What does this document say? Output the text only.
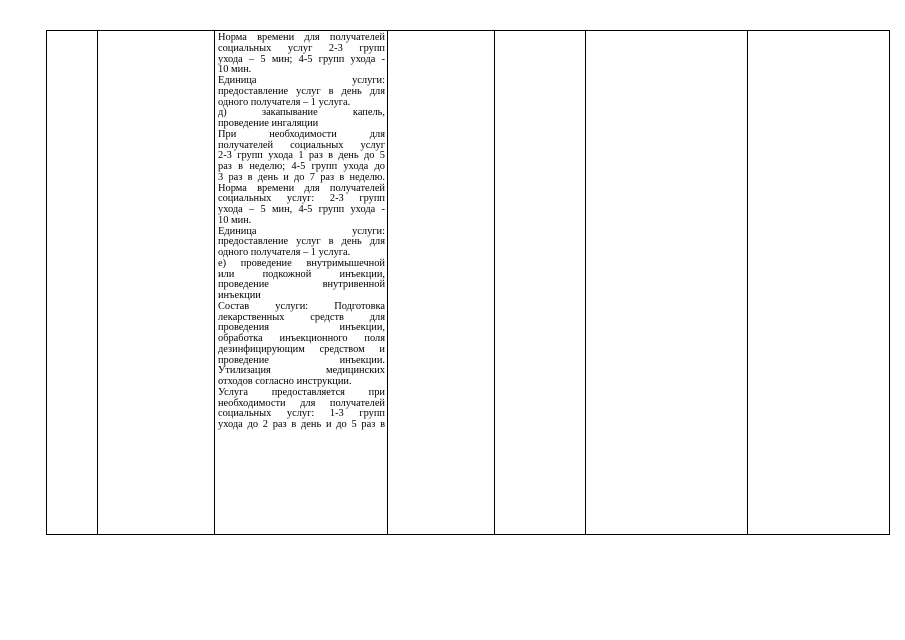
Норма времени для получателей
социальных услуг 2-3 групп
ухода – 5 мин; 4-5 групп ухода -
10 мин.
Единица услуги:
предоставление услуг в день для
одного получателя – 1 услуга.
д) закапывание капель,
проведение ингаляции
При необходимости для
получателей социальных услуг
2-3 групп ухода 1 раз в день до 5
раз в неделю; 4-5 групп ухода до
3 раз в день и до 7 раз в неделю.
Норма времени для получателей
социальных услуг: 2-3 групп
ухода – 5 мин, 4-5 групп ухода -
10 мин.
Единица услуги:
предоставление услуг в день для
одного получателя – 1 услуга.
е) проведение внутримышечной
или подкожной инъекции,
проведение внутривенной
инъекции
Состав услуги: Подготовка
лекарственных средств для
проведения инъекции,
обработка инъекционного поля
дезинфицирующим средством и
проведение инъекции.
Утилизация медицинских
отходов согласно инструкции.
Услуга предоставляется при
необходимости для получателей
социальных услуг: 1-3 групп
ухода до 2 раз в день и до 5 раз в
